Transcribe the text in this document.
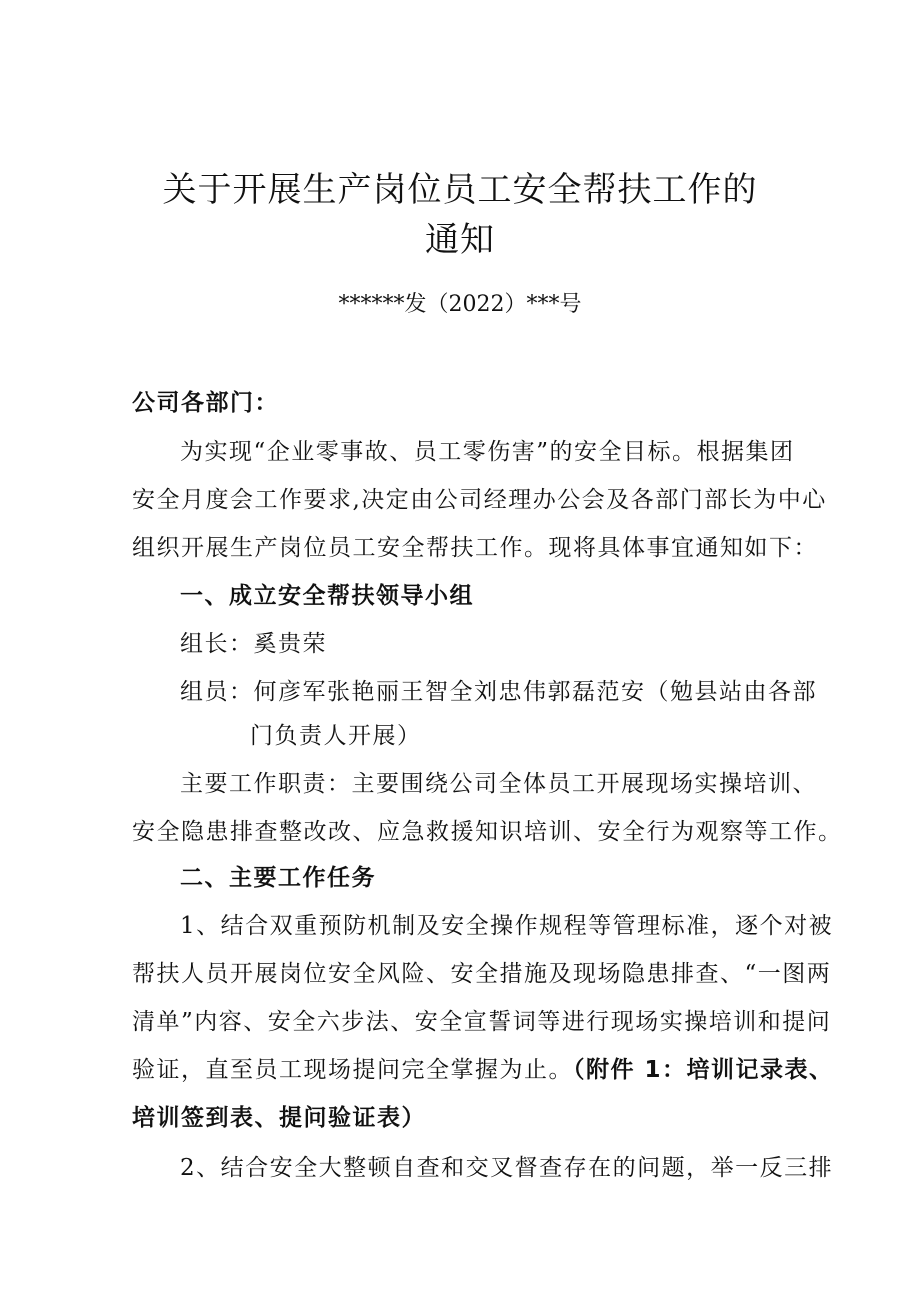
关于开展生产岗位员工安全帮扶工作的
通知
******发（2022）***号
公司各部门：
为实现“企业零事故、员工零伤害”的安全目标。根据集团
安全月度会工作要求,决定由公司经理办公会及各部门部长为中心
组织开展生产岗位员工安全帮扶工作。现将具体事宜通知如下：
一、成立安全帮扶领导小组
组长：奚贵荣
组员：何彦军张艳丽王智全刘忠伟郭磊范安（勉县站由各部
门负责人开展）
主要工作职责：主要围绕公司全体员工开展现场实操培训、
安全隐患排查整改改、应急救援知识培训、安全行为观察等工作。
二、主要工作任务
1、结合双重预防机制及安全操作规程等管理标准，逐个对被
帮扶人员开展岗位安全风险、安全措施及现场隐患排查、“一图两
清单”内容、安全六步法、安全宣誓词等进行现场实操培训和提问
验证，直至员工现场提问完全掌握为止。（附件 1：培训记录表、
培训签到表、提问验证表）
2、结合安全大整顿自查和交叉督查存在的问题，举一反三排
